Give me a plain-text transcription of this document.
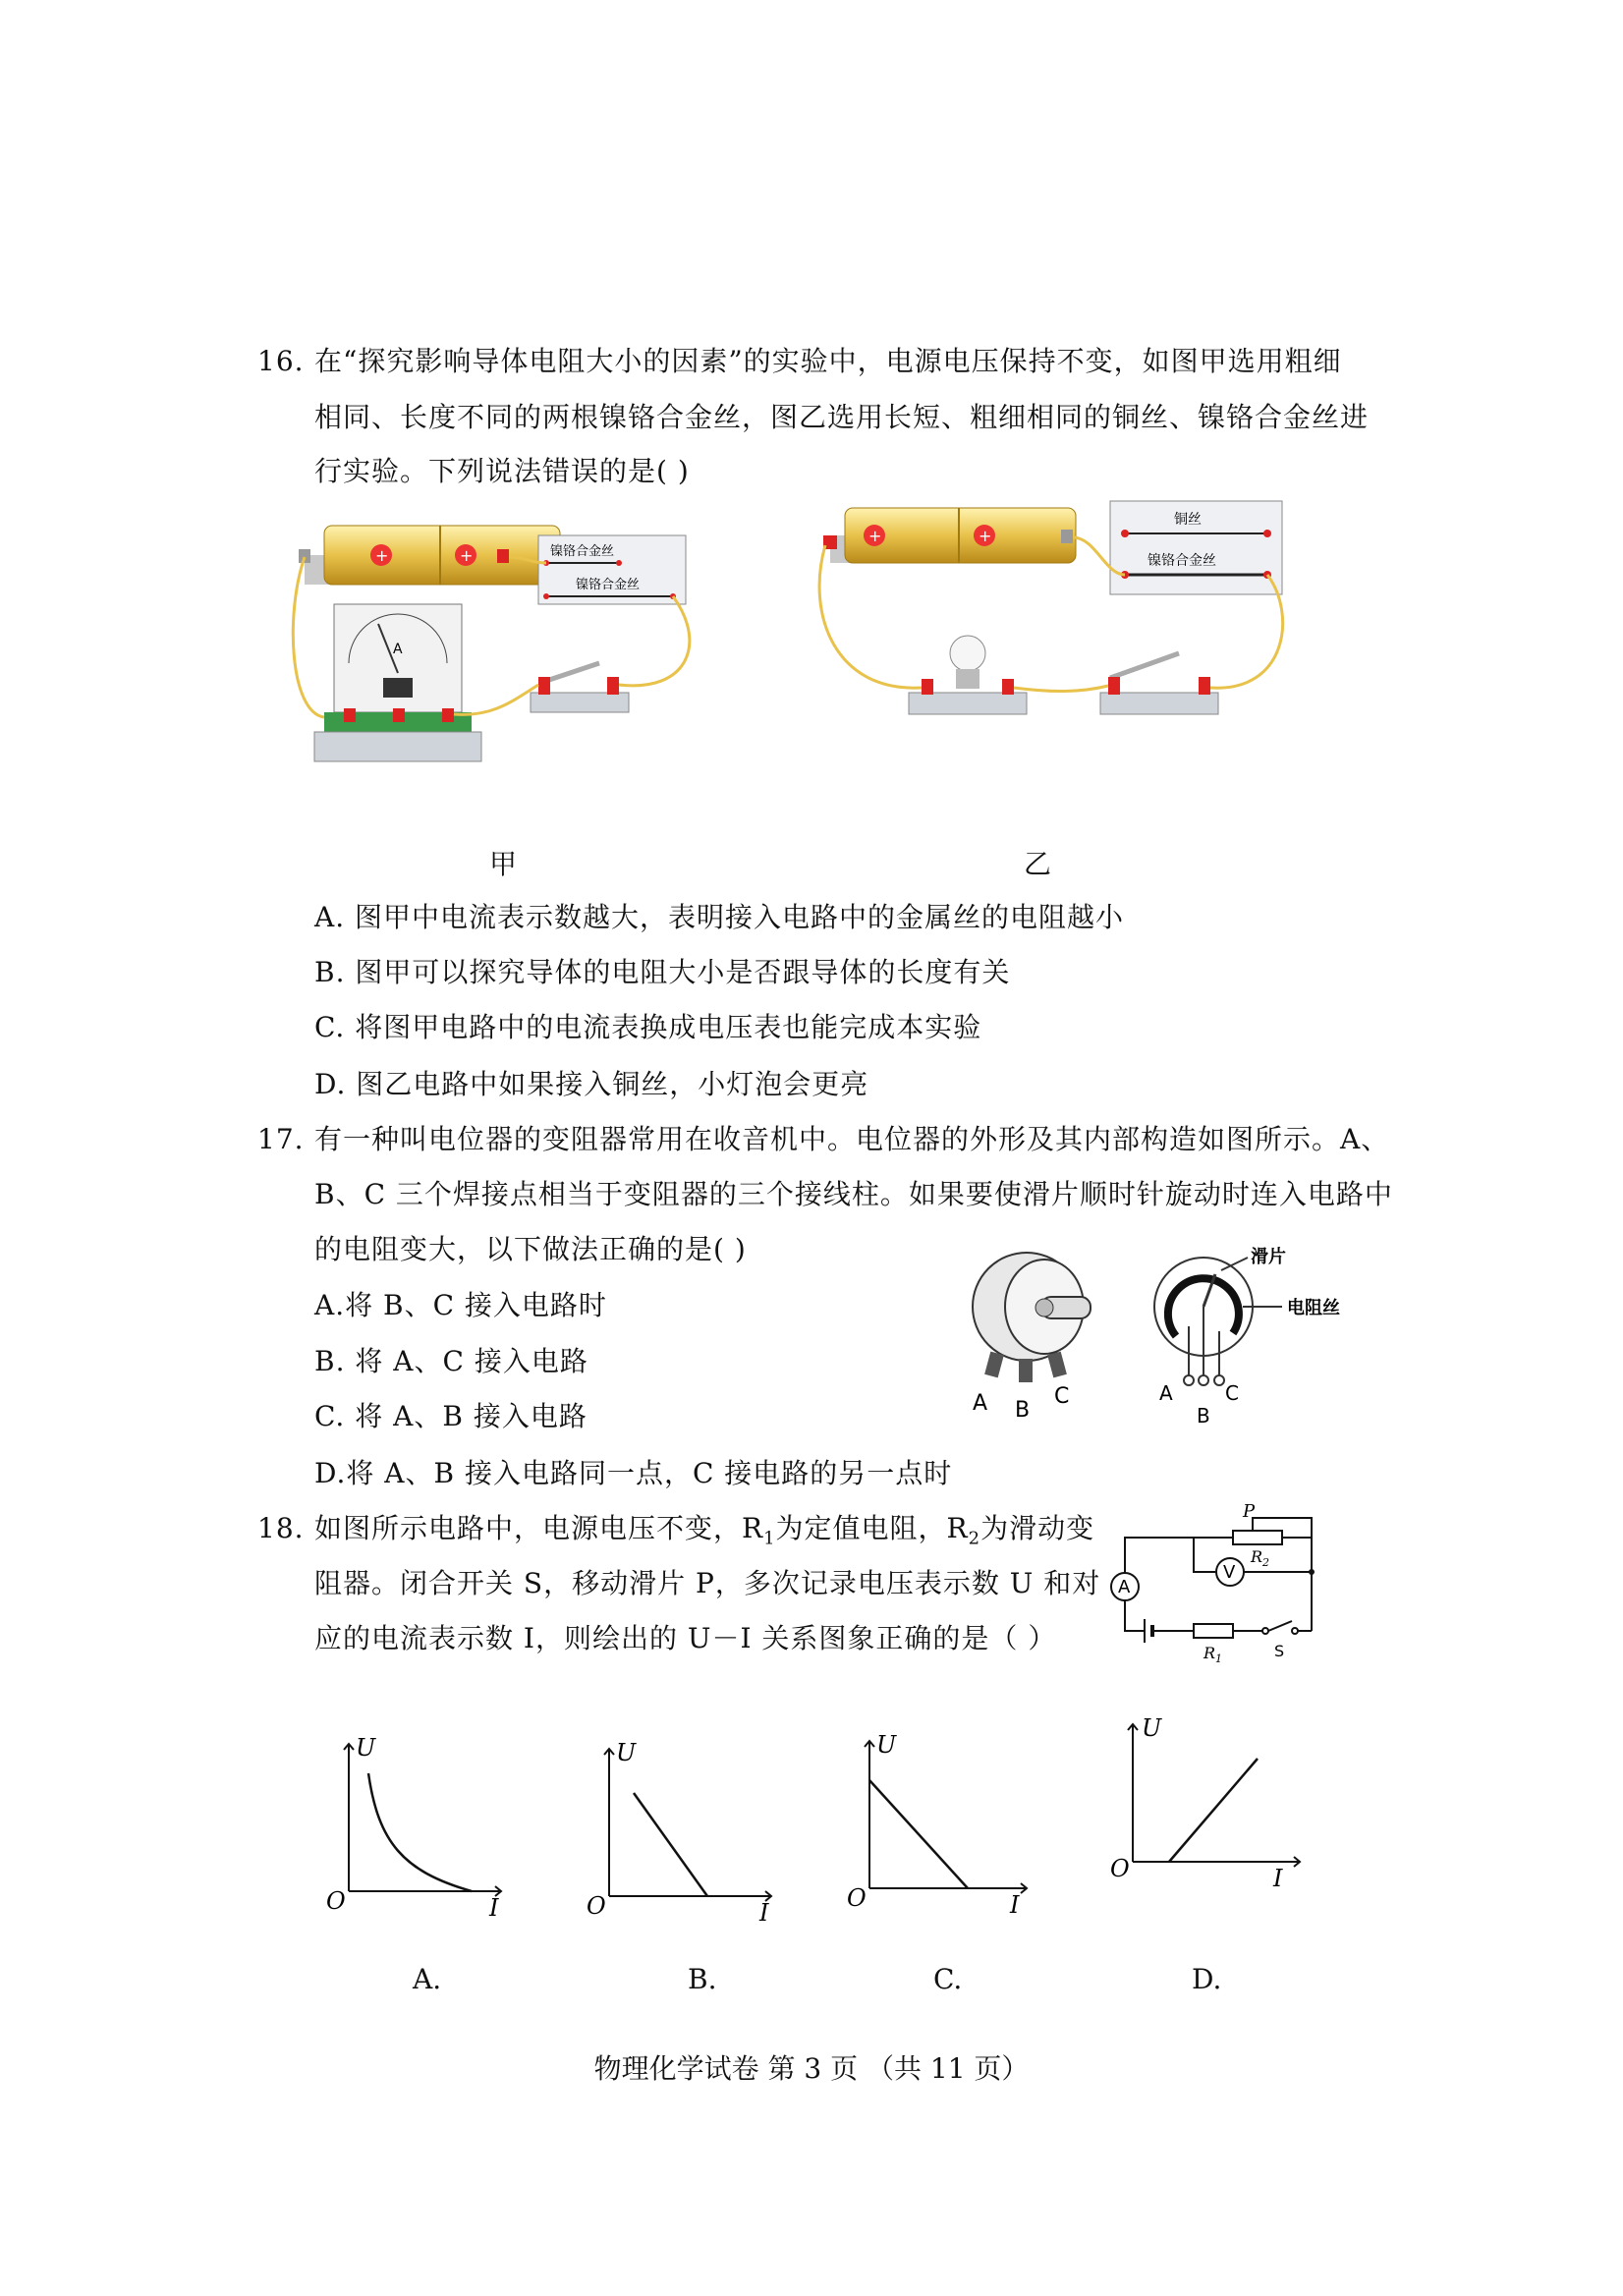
16. 在“探究影响导体电阻大小的因素”的实验中，电源电压保持不变，如图甲选用粗细
相同、长度不同的两根镍铬合金丝，图乙选用长短、粗细相同的铜丝、镍铬合金丝进
行实验。下列说法错误的是( )
+	+	镍铬合金丝
镍铬合金丝
A
+	+
铜丝
镍铬合金丝
甲	乙
A. 图甲中电流表示数越大，表明接入电路中的金属丝的电阻越小
B. 图甲可以探究导体的电阻大小是否跟导体的长度有关
C. 将图甲电路中的电流表换成电压表也能完成本实验
D. 图乙电路中如果接入铜丝，小灯泡会更亮
17. 有一种叫电位器的变阻器常用在收音机中。电位器的外形及其内部构造如图所示。A、
B、C 三个焊接点相当于变阻器的三个接线柱。如果要使滑片顺时针旋动时连入电路中
的电阻变大，以下做法正确的是( )
A.将 B、C 接入电路时
B. 将 A、C 接入电路
C. 将 A、B 接入电路
D.将 A、B 接入电路同一点，C 接电路的另一点时
A B
C
滑片
电阻丝
A
B
C
18. 如图所示电路中，电源电压不变，$R_1$为定值电阻，$R_2$为滑动变
阻器。闭合开关 S，移动滑片 P，多次记录电压表示数 U 和对
应的电流表示数 I，则绘出的 U－I 关系图象正确的是（ ）
P
$R_2$
V
A
$R_1$	S
U
O	I
U
O	I
U
O	I
U
O	I
A.	B.	C.	D.
物理化学试卷 第 3 页 （共 11 页）
